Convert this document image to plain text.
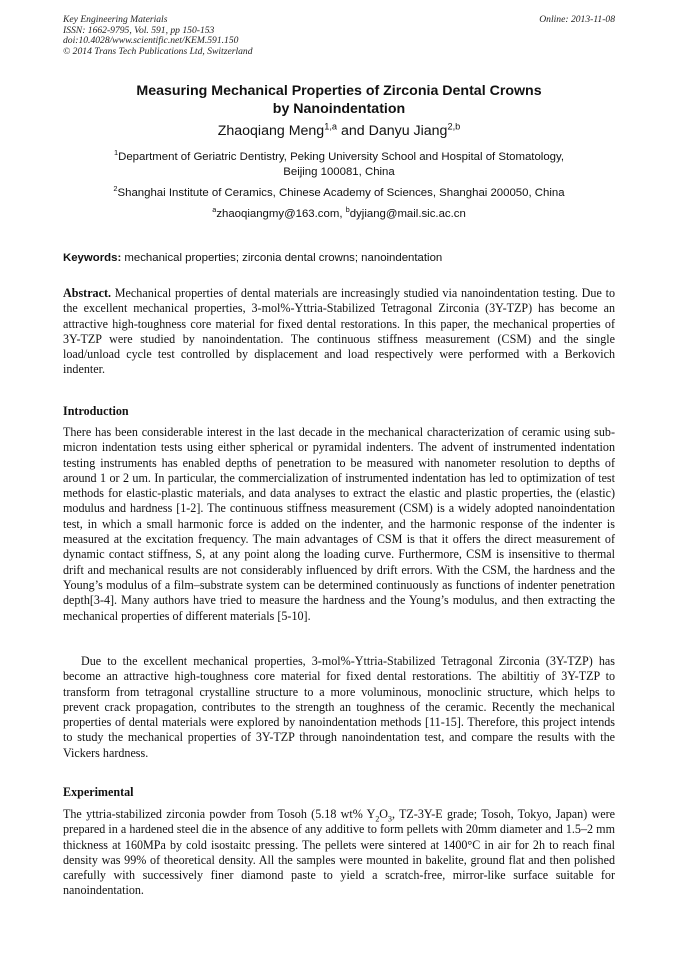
Key Engineering Materials
ISSN: 1662-9795, Vol. 591, pp 150-153
doi:10.4028/www.scientific.net/KEM.591.150
© 2014 Trans Tech Publications Ltd, Switzerland
Online: 2013-11-08
Measuring Mechanical Properties of Zirconia Dental Crowns
by Nanoindentation
Zhaoqiang Meng$^{1,a}$ and Danyu Jiang$^{2,b}$
$^1$Department of Geriatric Dentistry, Peking University School and Hospital of Stomatology,
Beijing 100081, China
$^2$Shanghai Institute of Ceramics, Chinese Academy of Sciences, Shanghai 200050, China
$^a$zhaoqiangmy@163.com, $^b$dyjiang@mail.sic.ac.cn
Keywords: mechanical properties; zirconia dental crowns; nanoindentation

Abstract. Mechanical properties of dental materials are increasingly studied via nanoindentation testing. Due to the excellent mechanical properties, 3-mol%-Yttria-Stabilized Tetragonal Zirconia (3Y-TZP) has become an attractive high-toughness core material for fixed dental restorations. In this paper, the mechanical properties of 3Y-TZP were studied by nanoindentation. The continuous stiffness measurement (CSM) and the single load/unload cycle test controlled by displacement and load respectively were performed with a Berkovich indenter.

Introduction

There has been considerable interest in the last decade in the mechanical characterization of ceramic using sub-micron indentation tests using either spherical or pyramidal indenters. The advent of instrumented indentation testing instruments has enabled depths of penetration to be measured with nanometer resolution to depths of around 1 or 2 um. In particular, the commercialization of instrumented indentation has led to optimization of test methods for elastic-plastic materials, and data analyses to extract the elastic and plastic properties, the (elastic) modulus and hardness [1-2]. The continuous stiffness measurement (CSM) is a widely adopted nanoindentation test, in which a small harmonic force is added on the indenter, and the harmonic response of the indenter is measured at the excitation frequency. The main advantages of CSM is that it offers the direct measurement of dynamic contact stiffness, S, at any point along the loading curve. Furthermore, CSM is insensitive to thermal drift and mechanical results are not considerably influenced by drift errors. With the CSM, the hardness and the Young’s modulus of a film–substrate system can be determined continuously as functions of indenter penetration depth[3-4]. Many authors have tried to measure the hardness and the Young’s modulus, and then extracting the mechanical properties of different materials [5-10].

Due to the excellent mechanical properties, 3-mol%-Yttria-Stabilized Tetragonal Zirconia (3Y-TZP) has become an attractive high-toughness core material for fixed dental restorations. The abiltitiy of 3Y-TZP to transform from tetragonal crystalline structure to a more voluminous, monoclinic structure, which helps to prevent crack propagation, contributes to the strength an toughness of the ceramic. Recently the mechanical properties of dental materials were explored by nanoindentation methods [11-15]. Therefore, this project intends to study the mechanical properties of 3Y-TZP through nanoindentation test, and compare the results with the Vickers hardness.

Experimental

The yttria-stabilized zirconia powder from Tosoh (5.18 wt% $Y_2O_3$, TZ-3Y-E grade; Tosoh, Tokyo, Japan) were prepared in a hardened steel die in the absence of any additive to form pellets with 20mm diameter and 1.5–2 mm thickness at 160MPa by cold isostaitc pressing. The pellets were sintered at 1400°C in air for 2h to reach final density was 99% of theoretical density. All the samples were mounted in bakelite, ground flat and then polished carefully with successively finer diamond paste to yield a scratch-free, mirror-like surface suitable for nanoindentation.
